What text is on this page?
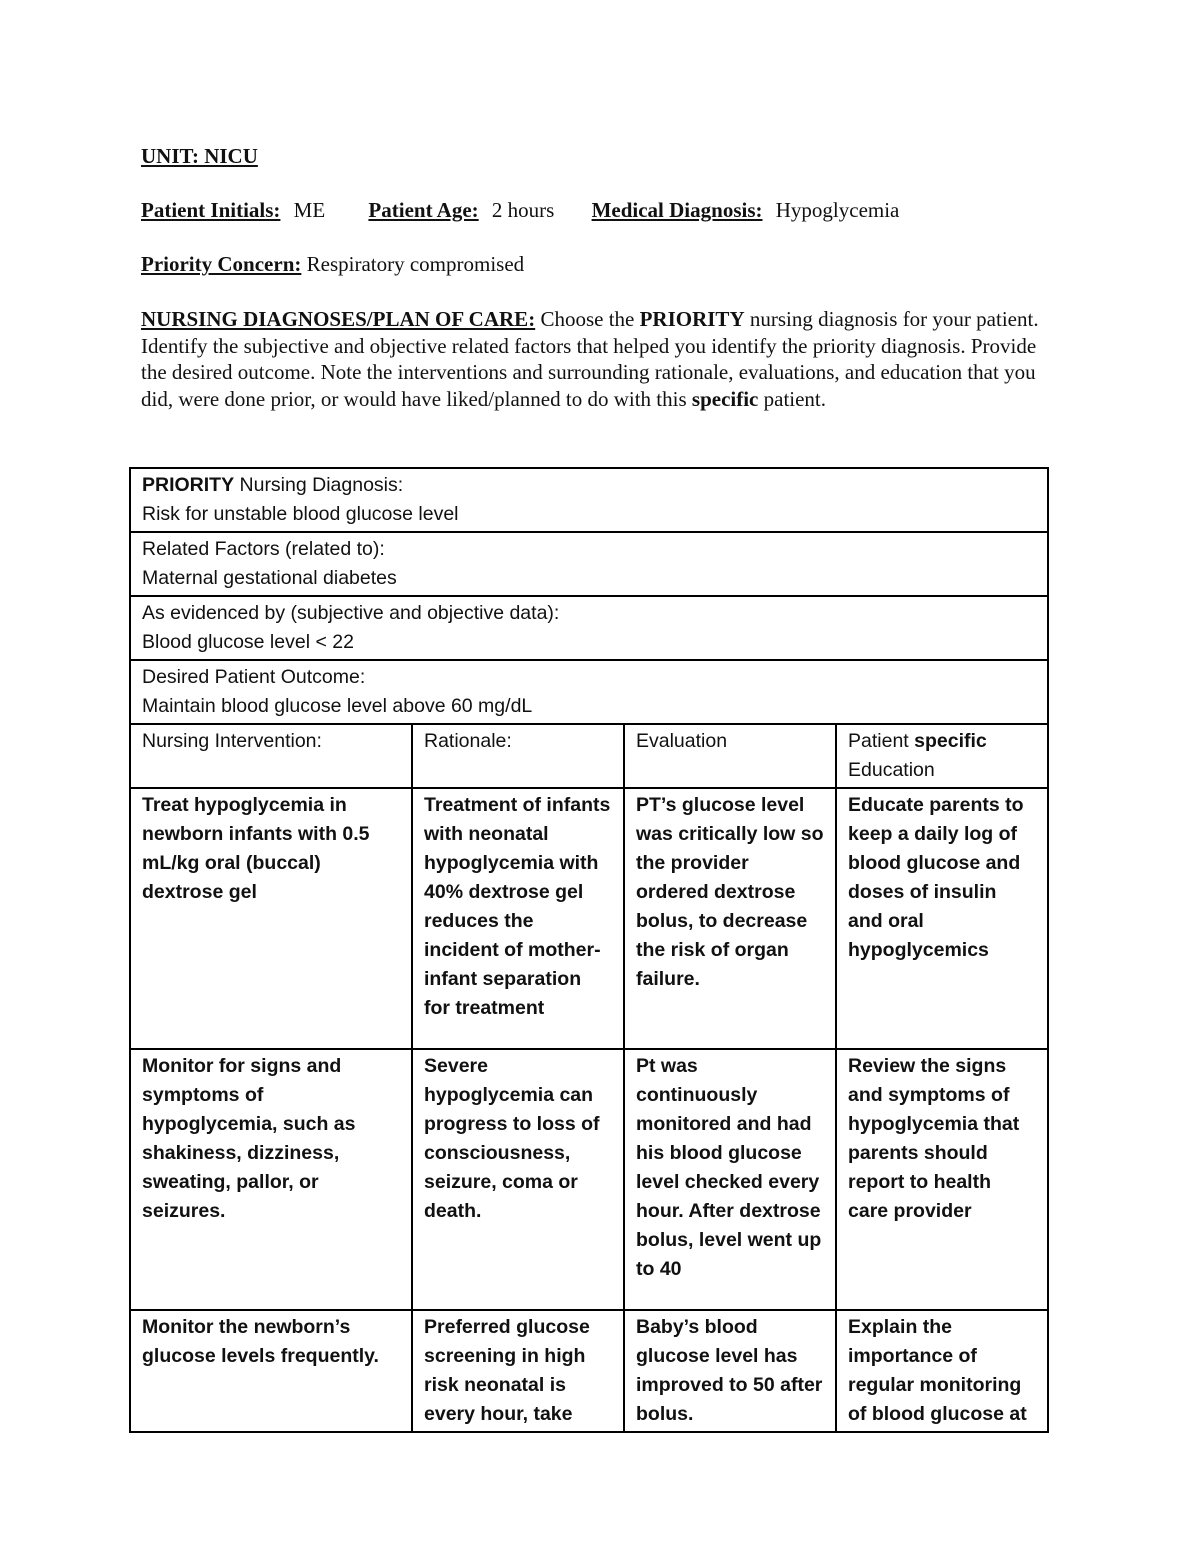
UNIT: NICU
Patient Initials: ME Patient Age: 2 hours Medical Diagnosis: Hypoglycemia
Priority Concern: Respiratory compromised
NURSING DIAGNOSES/PLAN OF CARE: Choose the PRIORITY nursing diagnosis for your patient. Identify the subjective and objective related factors that helped you identify the priority diagnosis. Provide the desired outcome. Note the interventions and surrounding rationale, evaluations, and education that you did, were done prior, or would have liked/planned to do with this specific patient.
PRIORITY Nursing Diagnosis:
Risk for unstable blood glucose level			
Related Factors (related to):
Maternal gestational diabetes			
As evidenced by (subjective and objective data):
Blood glucose level < 22			
Desired Patient Outcome:
Maintain blood glucose level above 60 mg/dL			
Nursing Intervention:	Rationale:	Evaluation	Patient specific
Education
Treat hypoglycemia in newborn infants with 0.5 mL/kg oral (buccal) dextrose gel	Treatment of infants with neonatal hypoglycemia with 40% dextrose gel reduces the incident of mother-infant separation for treatment	PT’s glucose level was critically low so the provider ordered dextrose bolus, to decrease the risk of organ failure.	Educate parents to keep a daily log of blood glucose and doses of insulin and oral hypoglycemics
Monitor for signs and symptoms of hypoglycemia, such as shakiness, dizziness, sweating, pallor, or seizures.	Severe hypoglycemia can progress to loss of consciousness, seizure, coma or death.	Pt was continuously monitored and had his blood glucose level checked every hour. After dextrose bolus, level went up to 40	Review the signs and symptoms of hypoglycemia that parents should report to health care provider
Monitor the newborn’s glucose levels frequently.	Preferred glucose screening in high risk neonatal is every hour, take	Baby’s blood glucose level has improved to 50 after bolus.	Explain the importance of regular monitoring of blood glucose at
